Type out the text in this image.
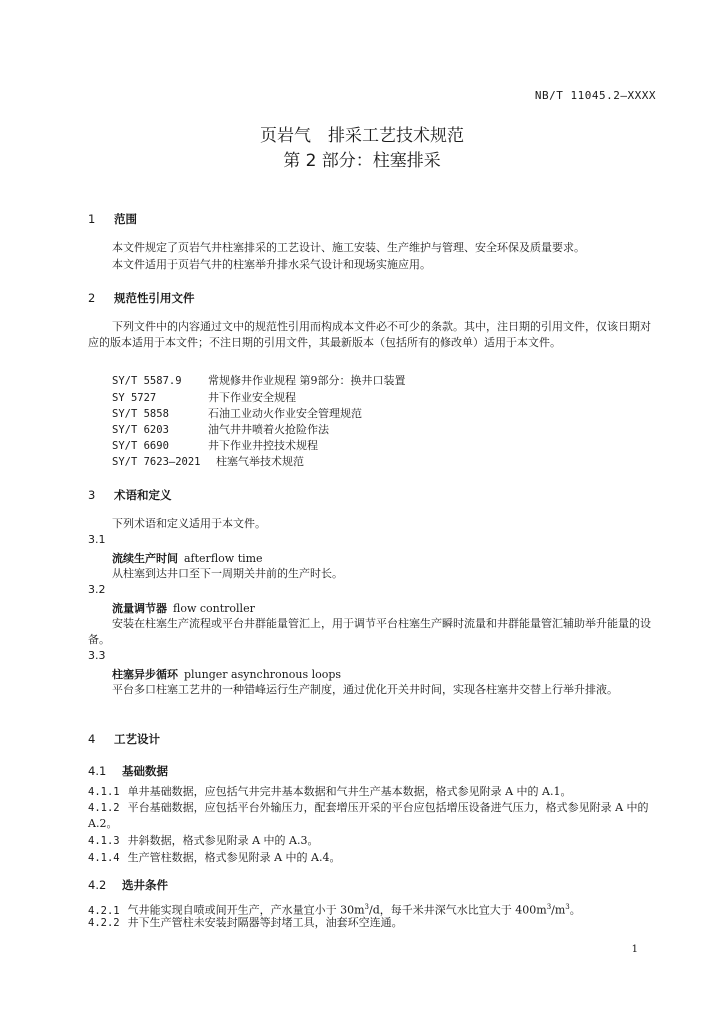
NB/T 11045.2—XXXX
页岩气　排采工艺技术规范
第 2 部分：柱塞排采
1 范围
本文件规定了页岩气井柱塞排采的工艺设计、施工安装、生产维护与管理、安全环保及质量要求。
本文件适用于页岩气井的柱塞举升排水采气设计和现场实施应用。
2 规范性引用文件
下列文件中的内容通过文中的规范性引用而构成本文件必不可少的条款。其中，注日期的引用文件，仅该日期对应的版本适用于本文件；不注日期的引用文件，其最新版本（包括所有的修改单）适用于本文件。
SY/T 5587.9 常规修井作业规程 第9部分：换井口装置
SY 5727	井下作业安全规程
SY/T 5858	石油工业动火作业安全管理规范
SY/T 6203	油气井井喷着火抢险作法
SY/T 6690	井下作业井控技术规程
SY/T 7623—2021 柱塞气举技术规范
3 术语和定义
下列术语和定义适用于本文件。
3.1
流续生产时间 afterflow time
从柱塞到达井口至下一周期关井前的生产时长。
3.2
流量调节器 flow controller
安装在柱塞生产流程或平台井群能量管汇上，用于调节平台柱塞生产瞬时流量和井群能量管汇辅助举升能量的设备。
3.3
柱塞异步循环 plunger asynchronous loops
平台多口柱塞工艺井的一种错峰运行生产制度，通过优化开关井时间，实现各柱塞井交替上行举升排液。
4 工艺设计
4.1 基础数据
4.1.1 单井基础数据，应包括气井完井基本数据和气井生产基本数据，格式参见附录 A 中的 A.1。
4.1.2 平台基础数据，应包括平台外输压力，配套增压开采的平台应包括增压设备进气压力，格式参见附录 A 中的 A.2。
4.1.3 井斜数据，格式参见附录 A 中的 A.3。
4.1.4 生产管柱数据，格式参见附录 A 中的 A.4。
4.2 选井条件
4.2.1 气井能实现自喷或间开生产，产水量宜小于 $30m^3/d$，每千米井深气水比宜大于 $400m^3/m^3$。
4.2.2 井下生产管柱未安装封隔器等封堵工具，油套环空连通。
1
